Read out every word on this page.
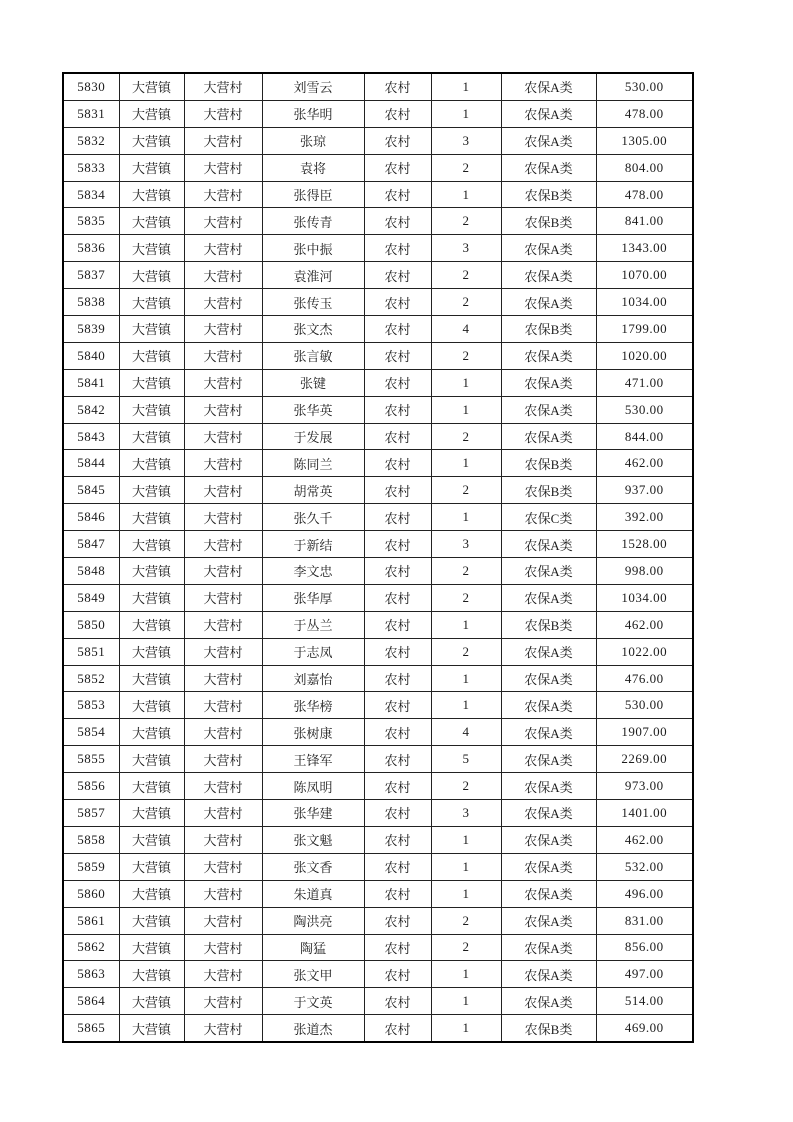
5830	大营镇	大营村	刘雪云	农村	1	农保A类	530.00
5831	大营镇	大营村	张华明	农村	1	农保A类	478.00
5832	大营镇	大营村	张琼	农村	3	农保A类	1305.00
5833	大营镇	大营村	袁将	农村	2	农保A类	804.00
5834	大营镇	大营村	张得臣	农村	1	农保B类	478.00
5835	大营镇	大营村	张传青	农村	2	农保B类	841.00
5836	大营镇	大营村	张中振	农村	3	农保A类	1343.00
5837	大营镇	大营村	袁淮河	农村	2	农保A类	1070.00
5838	大营镇	大营村	张传玉	农村	2	农保A类	1034.00
5839	大营镇	大营村	张文杰	农村	4	农保B类	1799.00
5840	大营镇	大营村	张言敏	农村	2	农保A类	1020.00
5841	大营镇	大营村	张键	农村	1	农保A类	471.00
5842	大营镇	大营村	张华英	农村	1	农保A类	530.00
5843	大营镇	大营村	于发展	农村	2	农保A类	844.00
5844	大营镇	大营村	陈同兰	农村	1	农保B类	462.00
5845	大营镇	大营村	胡常英	农村	2	农保B类	937.00
5846	大营镇	大营村	张久千	农村	1	农保C类	392.00
5847	大营镇	大营村	于新结	农村	3	农保A类	1528.00
5848	大营镇	大营村	李文忠	农村	2	农保A类	998.00
5849	大营镇	大营村	张华厚	农村	2	农保A类	1034.00
5850	大营镇	大营村	于丛兰	农村	1	农保B类	462.00
5851	大营镇	大营村	于志凤	农村	2	农保A类	1022.00
5852	大营镇	大营村	刘嘉怡	农村	1	农保A类	476.00
5853	大营镇	大营村	张华榜	农村	1	农保A类	530.00
5854	大营镇	大营村	张树康	农村	4	农保A类	1907.00
5855	大营镇	大营村	王锋军	农村	5	农保A类	2269.00
5856	大营镇	大营村	陈凤明	农村	2	农保A类	973.00
5857	大营镇	大营村	张华建	农村	3	农保A类	1401.00
5858	大营镇	大营村	张文魁	农村	1	农保A类	462.00
5859	大营镇	大营村	张文香	农村	1	农保A类	532.00
5860	大营镇	大营村	朱道真	农村	1	农保A类	496.00
5861	大营镇	大营村	陶洪亮	农村	2	农保A类	831.00
5862	大营镇	大营村	陶猛	农村	2	农保A类	856.00
5863	大营镇	大营村	张文甲	农村	1	农保A类	497.00
5864	大营镇	大营村	于文英	农村	1	农保A类	514.00
5865	大营镇	大营村	张道杰	农村	1	农保B类	469.00
